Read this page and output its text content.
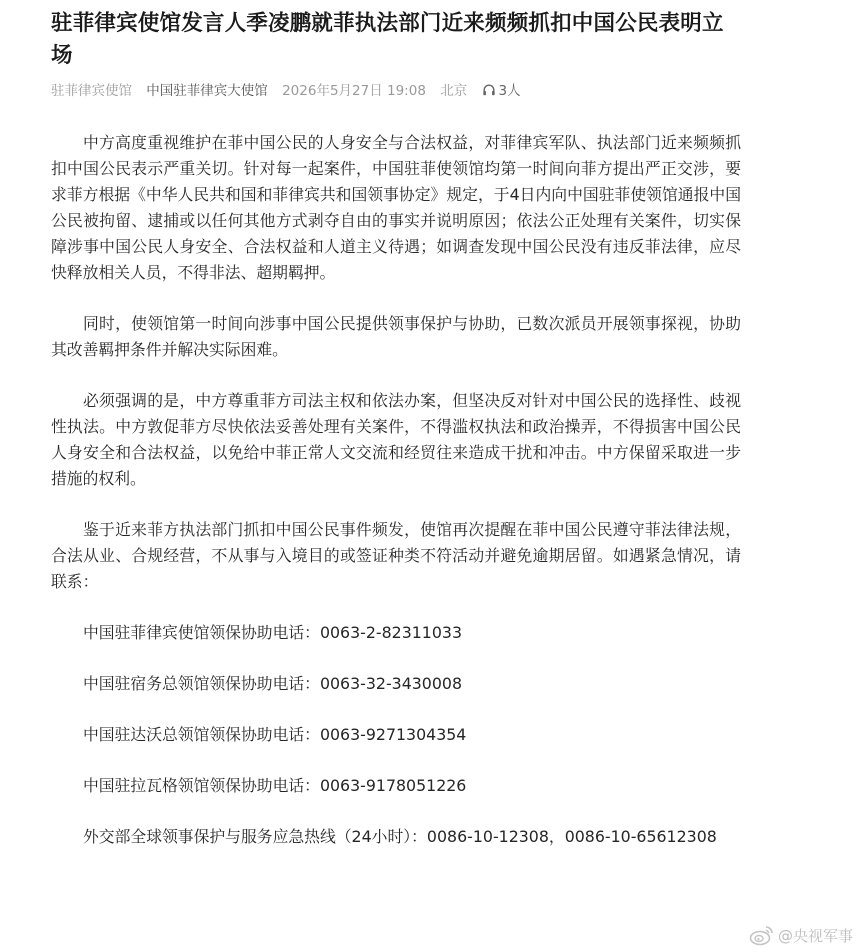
驻菲律宾使馆发言人季凌鹏就菲执法部门近来频频抓扣中国公民表明立场
驻菲律宾使馆 中国驻菲律宾大使馆 2026年5月27日 19:08 北京 3人

中方高度重视维护在菲中国公民的人身安全与合法权益，对菲律宾军队、执法部门近来频频抓扣中国公民表示严重关切。针对每一起案件，中国驻菲使领馆均第一时间向菲方提出严正交涉，要求菲方根据《中华人民共和国和菲律宾共和国领事协定》规定，于4日内向中国驻菲使领馆通报中国公民被拘留、逮捕或以任何其他方式剥夺自由的事实并说明原因；依法公正处理有关案件，切实保障涉事中国公民人身安全、合法权益和人道主义待遇；如调查发现中国公民没有违反菲法律，应尽快释放相关人员，不得非法、超期羁押。

同时，使领馆第一时间向涉事中国公民提供领事保护与协助，已数次派员开展领事探视，协助其改善羁押条件并解决实际困难。

必须强调的是，中方尊重菲方司法主权和依法办案，但坚决反对针对中国公民的选择性、歧视性执法。中方敦促菲方尽快依法妥善处理有关案件，不得滥权执法和政治操弄，不得损害中国公民人身安全和合法权益，以免给中菲正常人文交流和经贸往来造成干扰和冲击。中方保留采取进一步措施的权利。

鉴于近来菲方执法部门抓扣中国公民事件频发，使馆再次提醒在菲中国公民遵守菲法律法规，合法从业、合规经营，不从事与入境目的或签证种类不符活动并避免逾期居留。如遇紧急情况，请联系：

中国驻菲律宾使馆领保协助电话：0063-2-82311033

中国驻宿务总领馆领保协助电话：0063-32-3430008

中国驻达沃总领馆领保协助电话：0063-9271304354

中国驻拉瓦格领馆领保协助电话：0063-9178051226

外交部全球领事保护与服务应急热线（24小时）：0086-10-12308，0086-10-65612308

@央视军事
